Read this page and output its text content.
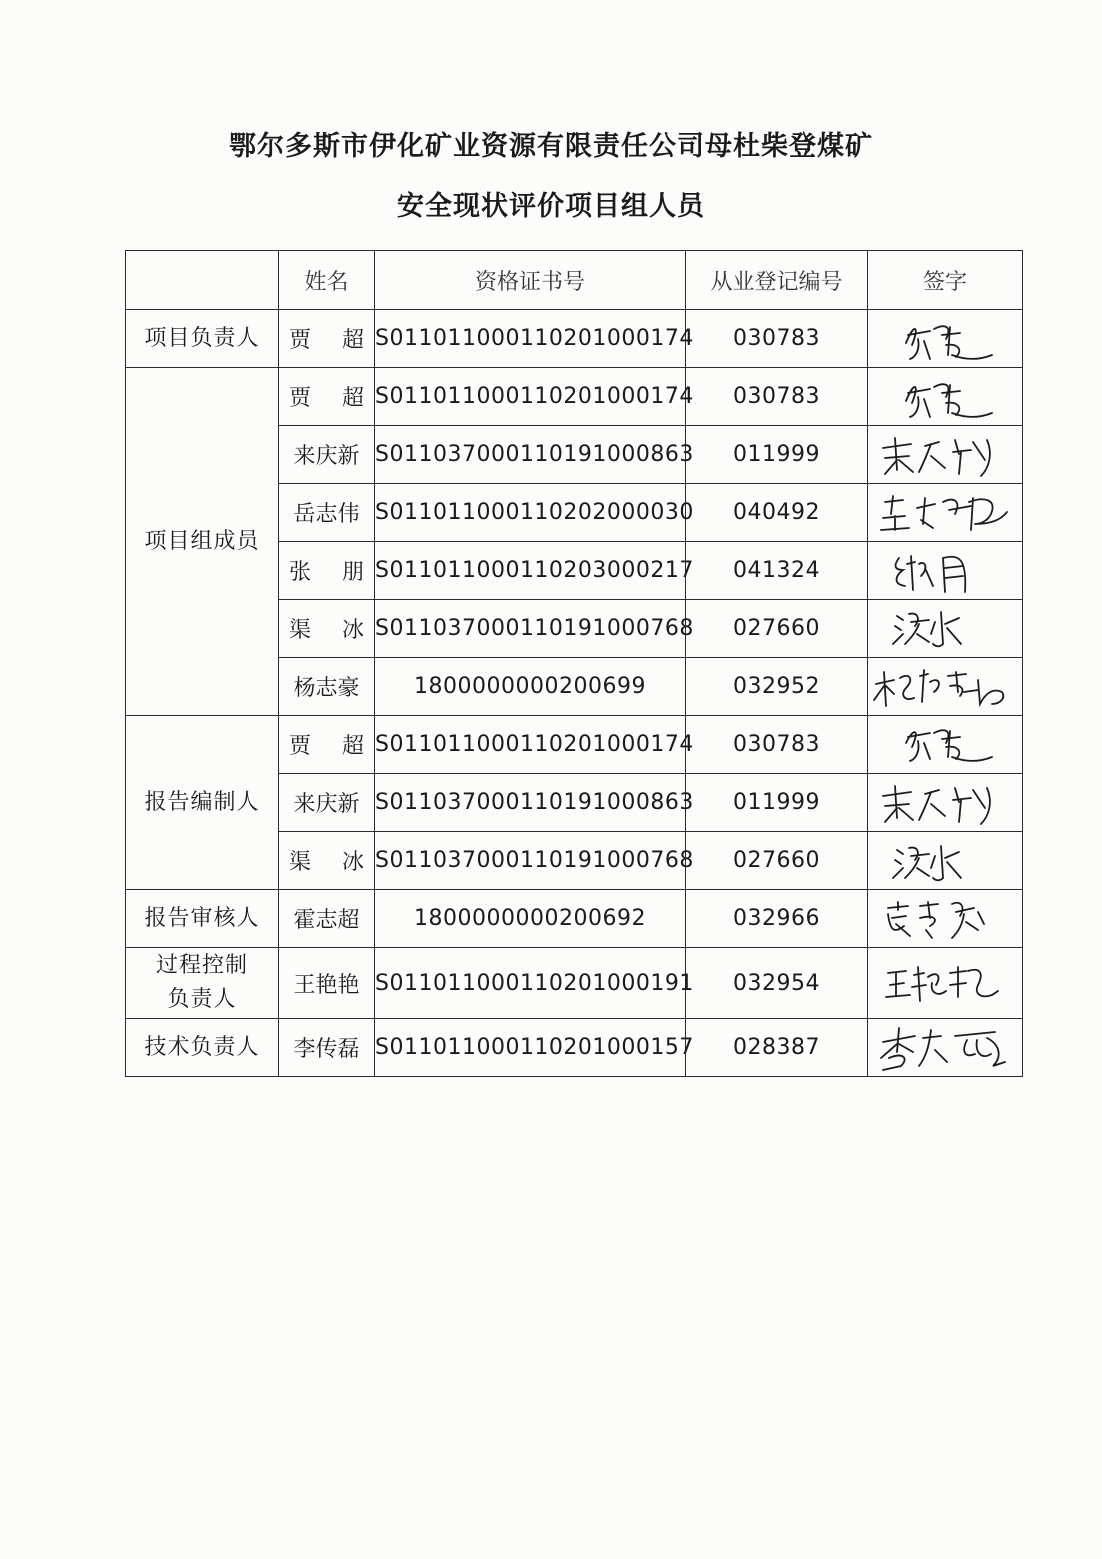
鄂尔多斯市伊化矿业资源有限责任公司母杜柴登煤矿
安全现状评价项目组人员
	姓名	资格证书号	从业登记编号	签字
项目负责人	贾 超	S011011000110201000174	030783	

项目组成员	贾 超	S011011000110201000174	030783	

	来庆新	S011037000110191000863	011999	

	岳志伟	S011011000110202000030	040492	

	张 朋	S011011000110203000217	041324	

	渠 冰	S011037000110191000768	027660	

	杨志豪	1800000000200699	032952	

报告编制人	贾 超	S011011000110201000174	030783	

	来庆新	S011037000110191000863	011999	

	渠 冰	S011037000110191000768	027660	

报告审核人	霍志超	1800000000200692	032966	

过程控制
负责人	王艳艳	S011011000110201000191	032954	

技术负责人	李传磊	S011011000110201000157	028387	
